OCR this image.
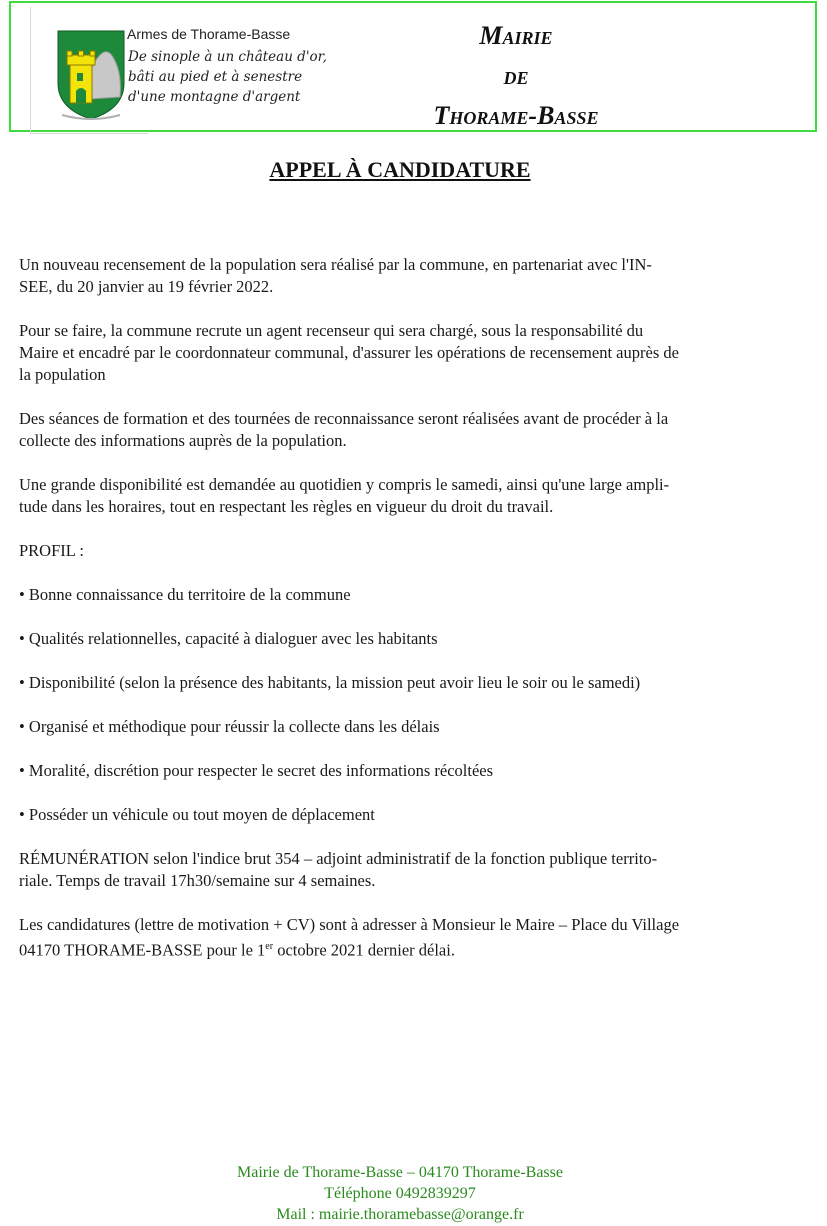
Armes de Thorame-Basse
De sinople à un château d'or,
bâti au pied et à senestre
d'une montagne d'argent
Mairie
de
Thorame-Basse
APPEL À CANDIDATURE

Un nouveau recensement de la population sera réalisé par la commune, en partenariat avec l'IN-
SEE, du 20 janvier au 19 février 2022.

Pour se faire, la commune recrute un agent recenseur qui sera chargé, sous la responsabilité du
Maire et encadré par le coordonnateur communal, d'assurer les opérations de recensement auprès de
la population

Des séances de formation et des tournées de reconnaissance seront réalisées avant de procéder à la
collecte des informations auprès de la population.

Une grande disponibilité est demandée au quotidien y compris le samedi, ainsi qu'une large ampli-
tude dans les horaires, tout en respectant les règles en vigueur du droit du travail.

PROFIL :

• Bonne connaissance du territoire de la commune

• Qualités relationnelles, capacité à dialoguer avec les habitants

• Disponibilité (selon la présence des habitants, la mission peut avoir lieu le soir ou le samedi)

• Organisé et méthodique pour réussir la collecte dans les délais

• Moralité, discrétion pour respecter le secret des informations récoltées

• Posséder un véhicule ou tout moyen de déplacement

RÉMUNÉRATION selon l'indice brut 354 – adjoint administratif de la fonction publique territo-
riale. Temps de travail 17h30/semaine sur 4 semaines.

Les candidatures (lettre de motivation + CV) sont à adresser à Monsieur le Maire – Place du Village
04170 THORAME-BASSE pour le 1er octobre 2021 dernier délai.

Mairie de Thorame-Basse – 04170 Thorame-Basse
Téléphone 0492839297
Mail : mairie.thoramebasse@orange.fr
